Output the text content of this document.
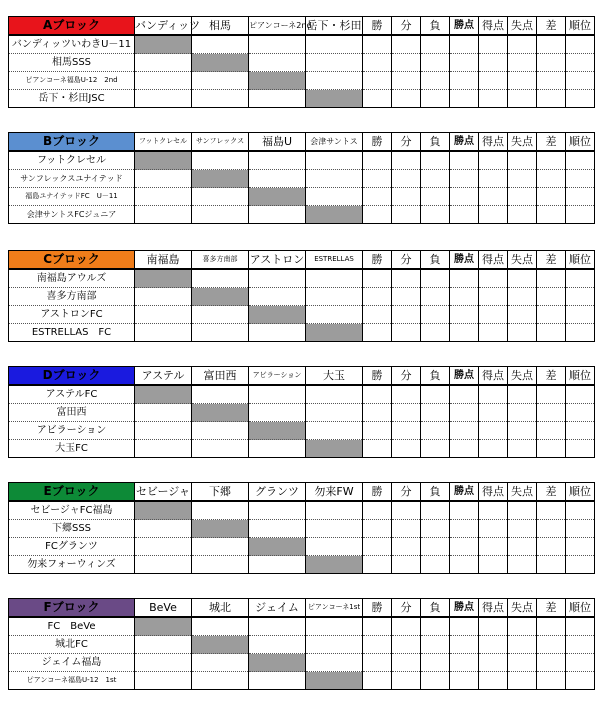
Aブロック	バンディッツ	相馬	ピアンコーネ2nd	岳下・杉田	勝	分	負	勝点	得点	失点	差	順位
バンディッツいわきU－11												
相馬SSS												
ピアンコーネ福島U-12　2nd												
岳下・杉田JSC												
Bブロック	フットクレセル	サンフレックス	福島U	会津サントス	勝	分	負	勝点	得点	失点	差	順位
フットクレセル												
サンフレックスユナイテッド												
福島ユナイテッドFC　U－11												
会津サントスFCジュニア												
Cブロック	南福島	喜多方南部	アストロン	ESTRELLAS	勝	分	負	勝点	得点	失点	差	順位
南福島アウルズ												
喜多方南部												
アストロンFC												
ESTRELLAS　FC												
Dブロック	アステル	富田西	アビラーション	大玉	勝	分	負	勝点	得点	失点	差	順位
アステルFC												
富田西												
アビラーション												
大玉FC												
Eブロック	セビージャ	下郷	グランツ	勿来FW	勝	分	負	勝点	得点	失点	差	順位
セビージャFC福島												
下郷SSS												
FCグランツ												
勿来フォーウィンズ												
Fブロック	BeVe	城北	ジェイム	ピアンコーネ1st	勝	分	負	勝点	得点	失点	差	順位
FC　BeVe												
城北FC												
ジェイム福島												
ピアンコーネ福島U-12　1st												
